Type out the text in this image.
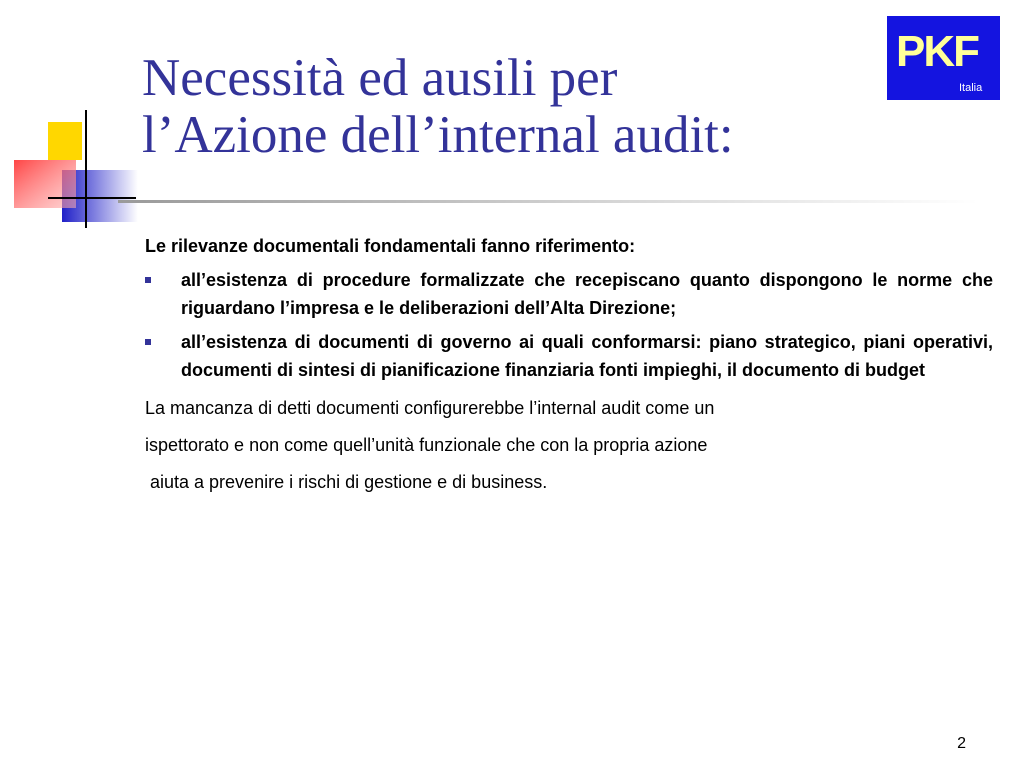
Necessità ed ausili per
l’Azione dell’internal audit:
PKF
Italia

Le rilevanze documentali fondamentali fanno riferimento:

all’esistenza di procedure formalizzate che recepiscano quanto dispongono le norme che riguardano l’impresa e le deliberazioni dell’Alta Direzione;
all’esistenza di documenti di governo ai quali conformarsi: piano strategico, piani operativi, documenti di sintesi di pianificazione finanziaria fonti impieghi, il documento di budget

La mancanza di detti documenti configurerebbe l’internal audit come un

ispettorato e non come quell’unità funzionale che con la propria azione

aiuta a prevenire i rischi di gestione e di business.

2
